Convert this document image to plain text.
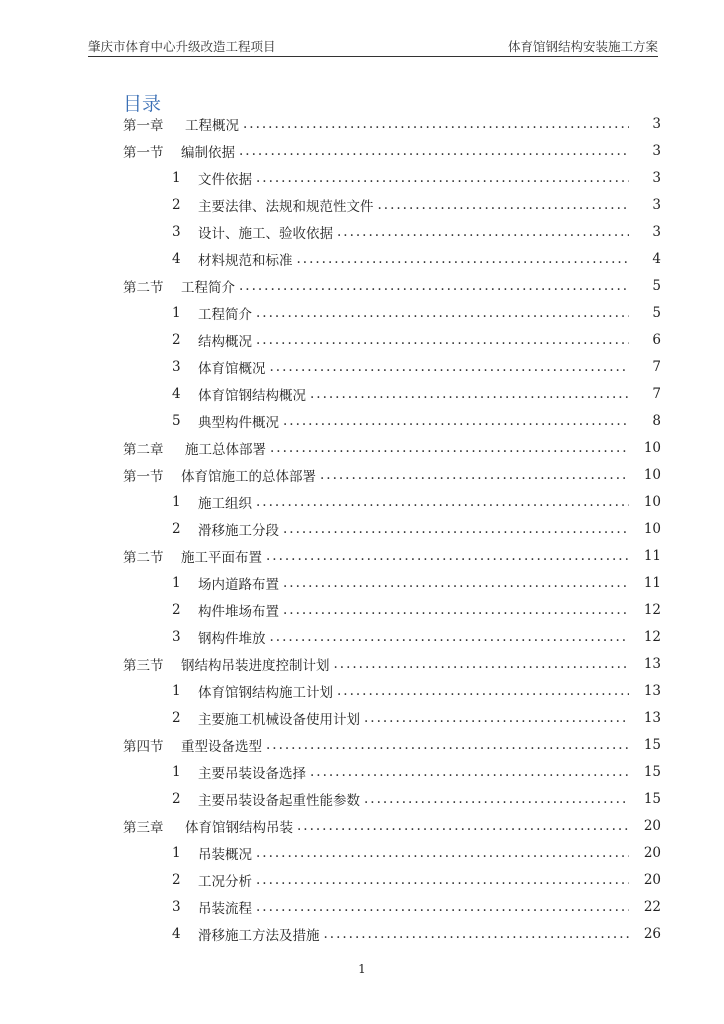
肇庆市体育中心升级改造工程项目	体育馆钢结构安装施工方案
目录
第一章	工程概况 .....	3
第一节	编制依据 .....	3
1	文件依据 .....	3
2	主要法律、法规和规范性文件 .....	3
3	设计、施工、验收依据 .....	3
4	材料规范和标准 .....	4
第二节	工程简介 .....	5
1	工程简介 .....	5
2	结构概况 .....	6
3	体育馆概况 .....	7
4	体育馆钢结构概况 .....	7
5	典型构件概况 .....	8
第二章	施工总体部署 .....	10
第一节	体育馆施工的总体部署 .....	10
1	施工组织 .....	10
2	滑移施工分段 .....	10
第二节	施工平面布置 .....	11
1	场内道路布置 .....	11
2	构件堆场布置 .....	12
3	钢构件堆放 .....	12
第三节	钢结构吊装进度控制计划 .....	13
1	体育馆钢结构施工计划 .....	13
2	主要施工机械设备使用计划 .....	13
第四节	重型设备选型 .....	15
1	主要吊装设备选择 .....	15
2	主要吊装设备起重性能参数 .....	15
第三章	体育馆钢结构吊装 .....	20
1	吊装概况 .....	20
2	工况分析 .....	20
3	吊装流程 .....	22
4	滑移施工方法及措施 .....	26
1
